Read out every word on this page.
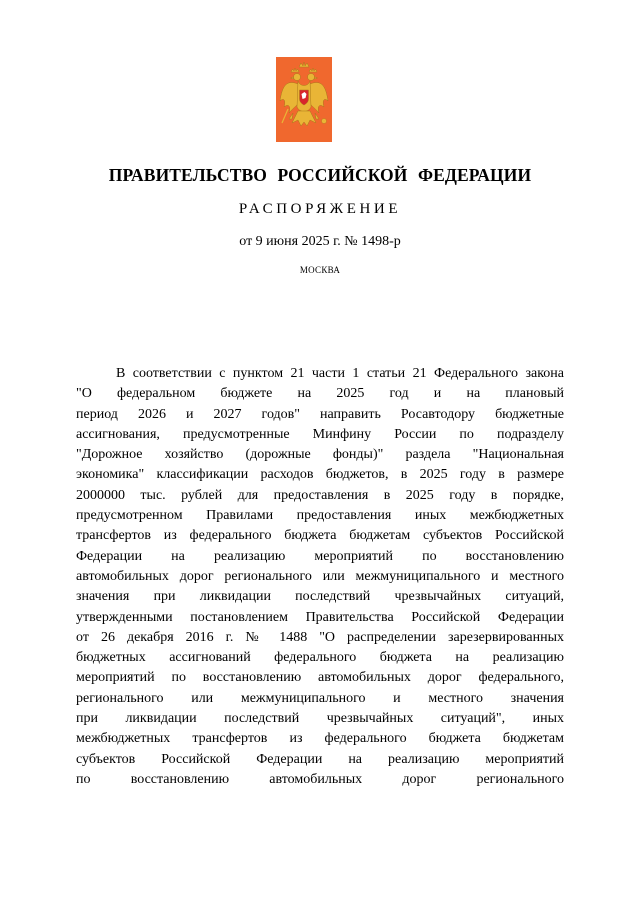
ПРАВИТЕЛЬСТВО РОССИЙСКОЙ ФЕДЕРАЦИИ
РАСПОРЯЖЕНИЕ
от 9 июня 2025 г. № 1498-р
МОСКВА
В соответствии с пунктом 21 части 1 статьи 21 Федерального закона
"О федеральном бюджете на 2025 год и на плановый
период 2026 и 2027 годов" направить Росавтодору бюджетные
ассигнования, предусмотренные Минфину России по подразделу
"Дорожное хозяйство (дорожные фонды)" раздела "Национальная
экономика" классификации расходов бюджетов, в 2025 году в размере
2000000 тыс. рублей для предоставления в 2025 году в порядке,
предусмотренном Правилами предоставления иных межбюджетных
трансфертов из федерального бюджета бюджетам субъектов Российской
Федерации на реализацию мероприятий по восстановлению
автомобильных дорог регионального или межмуниципального и местного
значения при ликвидации последствий чрезвычайных ситуаций,
утвержденными постановлением Правительства Российской Федерации
от 26 декабря 2016 г. № 1488 "О распределении зарезервированных
бюджетных ассигнований федерального бюджета на реализацию
мероприятий по восстановлению автомобильных дорог федерального,
регионального или межмуниципального и местного значения
при ликвидации последствий чрезвычайных ситуаций", иных
межбюджетных трансфертов из федерального бюджета бюджетам
субъектов Российской Федерации на реализацию мероприятий
по восстановлению автомобильных дорог регионального
